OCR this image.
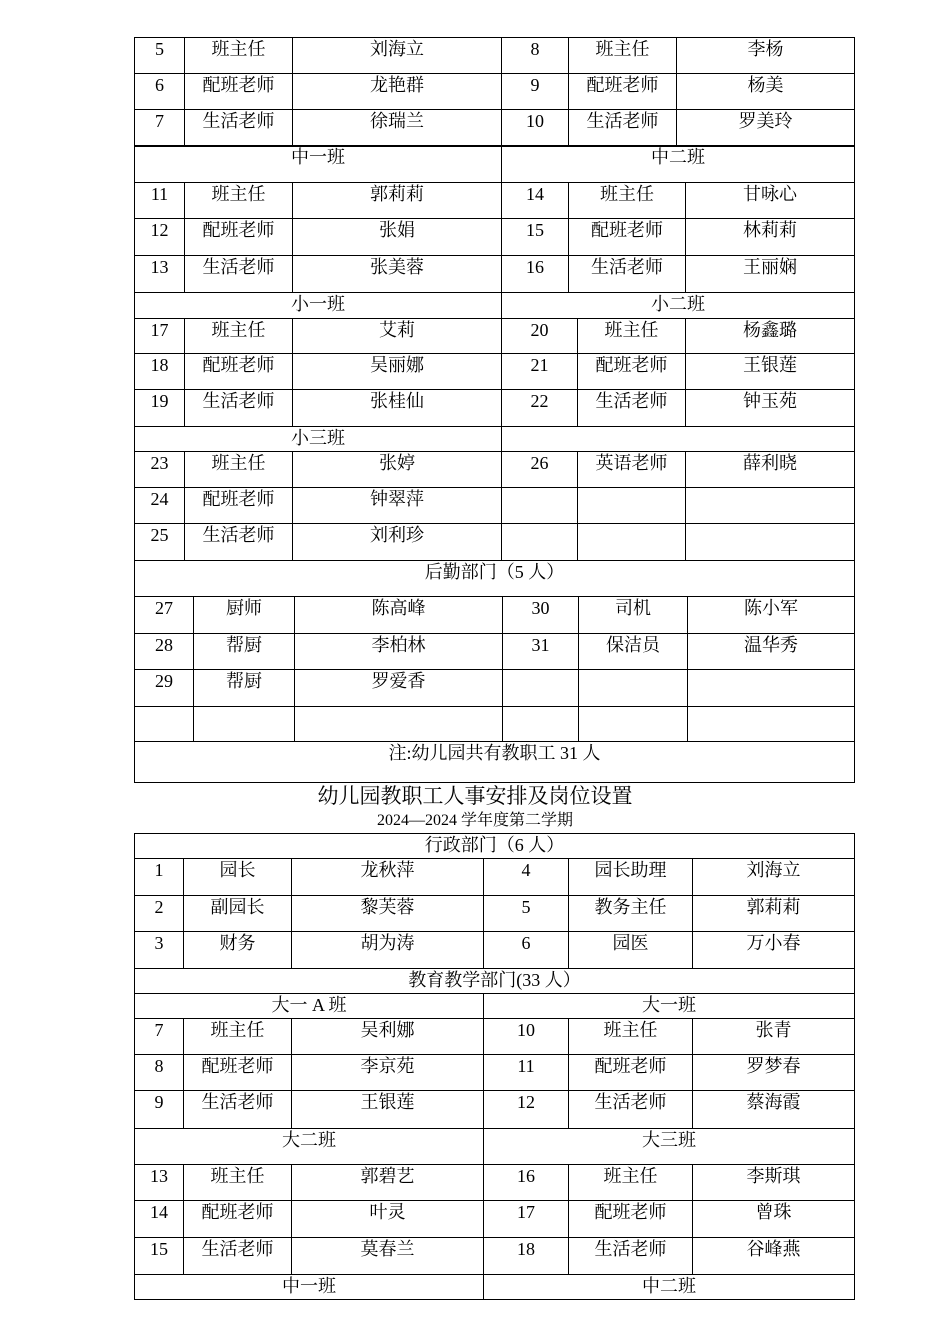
5	班主任	刘海立	8	班主任	李杨
6	配班老师	龙艳群	9	配班老师	杨美
7	生活老师	徐瑞兰	10	生活老师	罗美玲
中一班			中二班		
11	班主任	郭莉莉	14	班主任	甘咏心
12	配班老师	张娟	15	配班老师	林莉莉
13	生活老师	张美蓉	16	生活老师	王丽娴
小一班			小二班		
17	班主任	艾莉	20	班主任	杨鑫璐
18	配班老师	吴丽娜	21	配班老师	王银莲
19	生活老师	张桂仙	22	生活老师	钟玉苑
小三班					
23	班主任	张婷	26	英语老师	薛利晓
24	配班老师	钟翠萍			
25	生活老师	刘利珍			
后勤部门（5 人）					
27	厨师	陈高峰	30	司机	陈小军
28	帮厨	李柏林	31	保洁员	温华秀
29	帮厨	罗爱香			

注:幼儿园共有教职工 31 人					
幼儿园教职工人事安排及岗位设置
2024—2024 学年度第二学期
行政部门（6 人）					
1	园长	龙秋萍	4	园长助理	刘海立
2	副园长	黎芙蓉	5	教务主任	郭莉莉
3	财务	胡为涛	6	园医	万小春
教育教学部门(33 人）					
大一 A 班			大一班		
7	班主任	吴利娜	10	班主任	张青
8	配班老师	李京苑	11	配班老师	罗梦春
9	生活老师	王银莲	12	生活老师	蔡海霞
大二班			大三班		
13	班主任	郭碧艺	16	班主任	李斯琪
14	配班老师	叶灵	17	配班老师	曾珠
15	生活老师	莫春兰	18	生活老师	谷峰燕
中一班			中二班		
